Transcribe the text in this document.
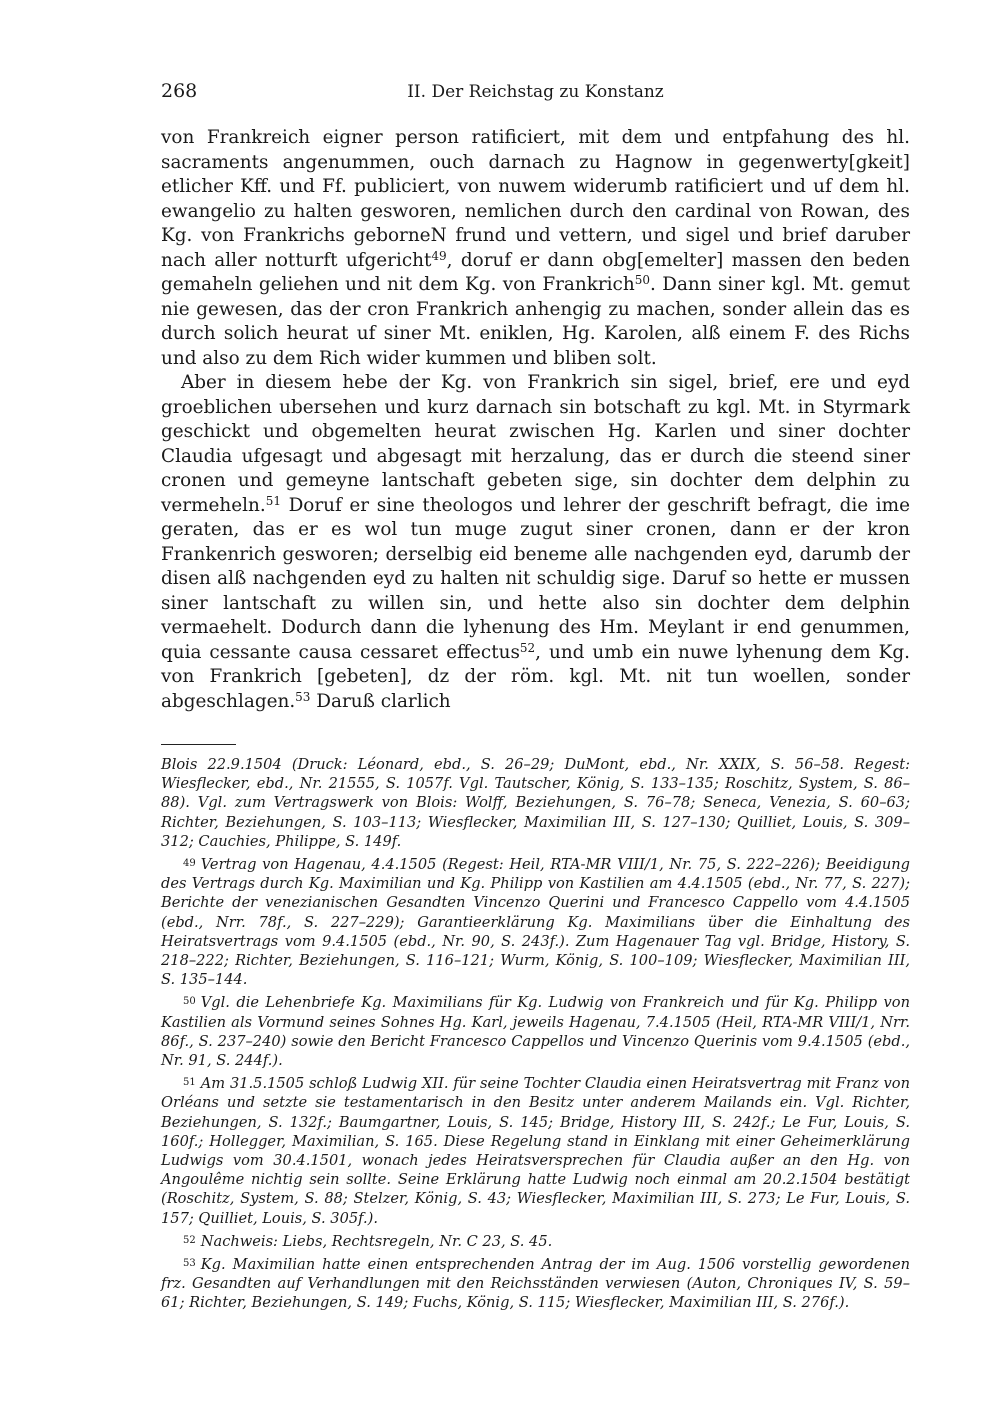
268	II. Der Reichstag zu Konstanz

von Frankreich eigner person ratificiert, mit dem und entpfahung des hl. sacraments angenummen, ouch darnach zu Hagnow in gegenwerty[gkeit] etlicher Kff. und Ff. publiciert, von nuwem widerumb ratificiert und uf dem hl. ewangelio zu halten gesworen, nemlichen durch den cardinal von Rowan, des Kg. von Frankrichs geborneN frund und vettern, und sigel und brief daruber nach aller notturft ufgericht$^{49}$, doruf er dann obg[emelter] massen den beden gemaheln geliehen und nit dem Kg. von Frankrich$^{50}$. Dann siner kgl. Mt. gemut nie gewesen, das der cron Frankrich anhengig zu machen, sonder allein das es durch solich heurat uf siner Mt. eniklen, Hg. Karolen, alß einem F. des Richs und also zu dem Rich wider kummen und bliben solt.

Aber in diesem hebe der Kg. von Frankrich sin sigel, brief, ere und eyd groeblichen ubersehen und kurz darnach sin botschaft zu kgl. Mt. in Styrmark geschickt und obgemelten heurat zwischen Hg. Karlen und siner dochter Claudia ufgesagt und abgesagt mit herzalung, das er durch die steend siner cronen und gemeyne lantschaft gebeten sige, sin dochter dem delphin zu vermeheln.$^{51}$ Doruf er sine theologos und lehrer der geschrift befragt, die ime geraten, das er es wol tun muge zugut siner cronen, dann er der kron Frankenrich gesworen; derselbig eid beneme alle nachgenden eyd, darumb der disen alß nachgenden eyd zu halten nit schuldig sige. Daruf so hette er mussen siner lantschaft zu willen sin, und hette also sin dochter dem delphin vermaehelt. Dodurch dann die lyhenung des Hm. Meylant ir end genummen, quia cessante causa cessaret effectus$^{52}$, und umb ein nuwe lyhenung dem Kg. von Frankrich [gebeten], dz der röm. kgl. Mt. nit tun woellen, sonder abgeschlagen.$^{53}$ Daruß clarlich

Blois 22.9.1504 (Druck: Léonard, ebd., S. 26–29; DuMont, ebd., Nr. XXIX, S. 56–58. Regest: Wiesflecker, ebd., Nr. 21555, S. 1057f. Vgl. Tautscher, König, S. 133–135; Roschitz, System, S. 86–88). Vgl. zum Vertragswerk von Blois: Wolff, Beziehungen, S. 76–78; Seneca, Venezia, S. 60–63; Richter, Beziehungen, S. 103–113; Wiesflecker, Maximilian III, S. 127–130; Quilliet, Louis, S. 309–312; Cauchies, Philippe, S. 149f.

$^{49}$ Vertrag von Hagenau, 4.4.1505 (Regest: Heil, RTA-MR VIII/1, Nr. 75, S. 222–226); Beeidigung des Vertrags durch Kg. Maximilian und Kg. Philipp von Kastilien am 4.4.1505 (ebd., Nr. 77, S. 227); Berichte der venezianischen Gesandten Vincenzo Querini und Francesco Cappello vom 4.4.1505 (ebd., Nrr. 78f., S. 227–229); Garantieerklärung Kg. Maximilians über die Einhaltung des Heiratsvertrags vom 9.4.1505 (ebd., Nr. 90, S. 243f.). Zum Hagenauer Tag vgl. Bridge, History, S. 218–222; Richter, Beziehungen, S. 116–121; Wurm, König, S. 100–109; Wiesflecker, Maximilian III, S. 135–144.

$^{50}$ Vgl. die Lehenbriefe Kg. Maximilians für Kg. Ludwig von Frankreich und für Kg. Philipp von Kastilien als Vormund seines Sohnes Hg. Karl, jeweils Hagenau, 7.4.1505 (Heil, RTA-MR VIII/1, Nrr. 86f., S. 237–240) sowie den Bericht Francesco Cappellos und Vincenzo Querinis vom 9.4.1505 (ebd., Nr. 91, S. 244f.).

$^{51}$ Am 31.5.1505 schloß Ludwig XII. für seine Tochter Claudia einen Heiratsvertrag mit Franz von Orléans und setzte sie testamentarisch in den Besitz unter anderem Mailands ein. Vgl. Richter, Beziehungen, S. 132f.; Baumgartner, Louis, S. 145; Bridge, History III, S. 242f.; Le Fur, Louis, S. 160f.; Hollegger, Maximilian, S. 165. Diese Regelung stand in Einklang mit einer Geheimerklärung Ludwigs vom 30.4.1501, wonach jedes Heiratsversprechen für Claudia außer an den Hg. von Angoulême nichtig sein sollte. Seine Erklärung hatte Ludwig noch einmal am 20.2.1504 bestätigt (Roschitz, System, S. 88; Stelzer, König, S. 43; Wiesflecker, Maximilian III, S. 273; Le Fur, Louis, S. 157; Quilliet, Louis, S. 305f.).

$^{52}$ Nachweis: Liebs, Rechtsregeln, Nr. C 23, S. 45.

$^{53}$ Kg. Maximilian hatte einen entsprechenden Antrag der im Aug. 1506 vorstellig gewordenen frz. Gesandten auf Verhandlungen mit den Reichsständen verwiesen (Auton, Chroniques IV, S. 59–61; Richter, Beziehungen, S. 149; Fuchs, König, S. 115; Wiesflecker, Maximilian III, S. 276f.).
